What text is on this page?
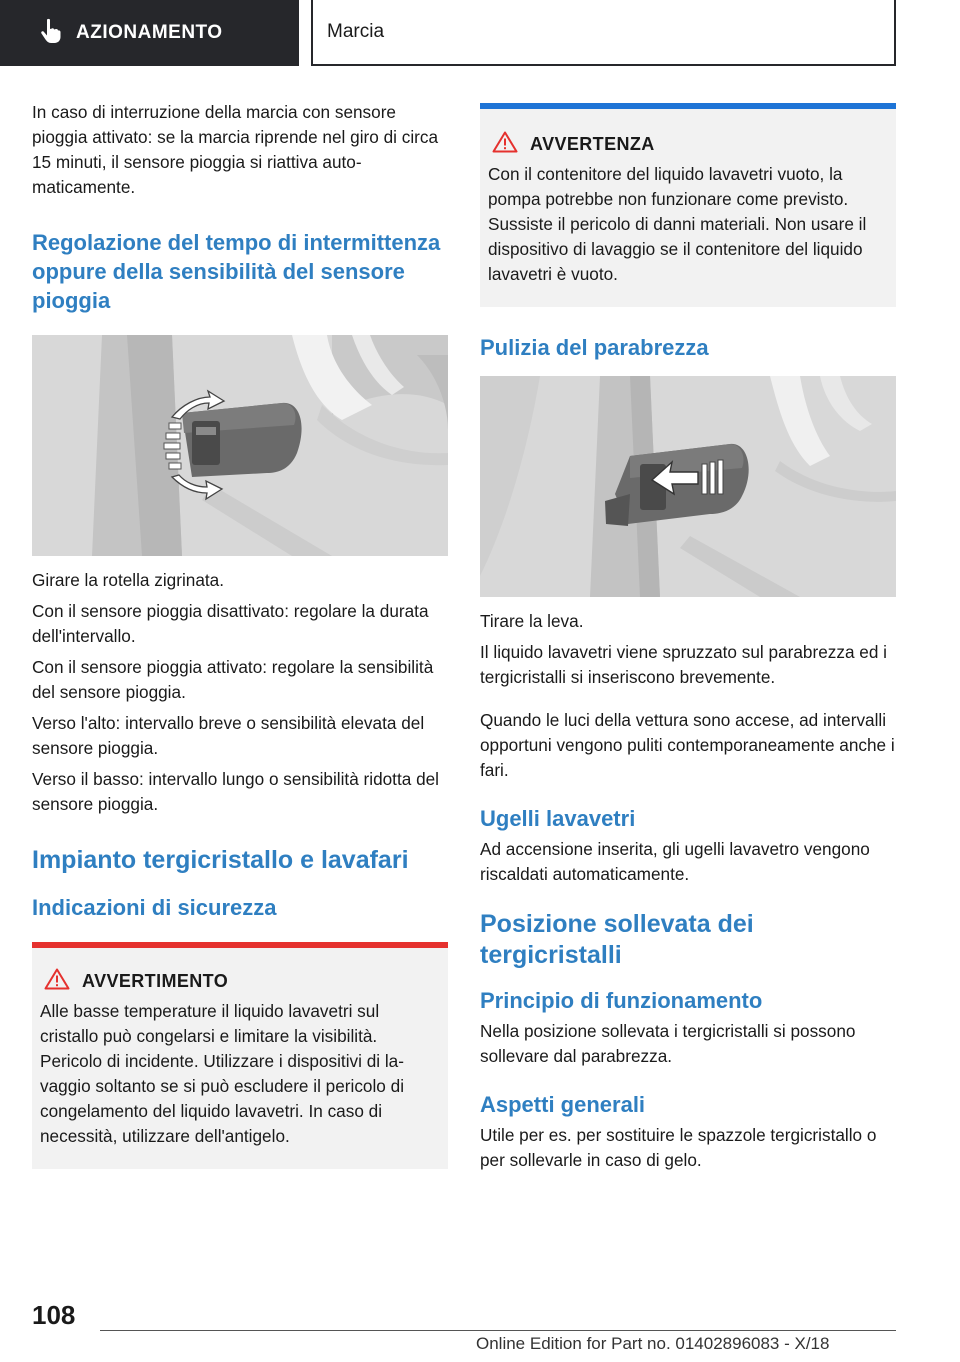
AZIONAMENTO	Marcia

In caso di interruzione della marcia con sensore pioggia attivato: se la marcia riprende nel giro di circa 15 minuti, il sensore pioggia si riattiva automaticamente.

Regolazione del tempo di intermittenza oppure della sensibilità del sensore pioggia

Girare la rotella zigrinata.

Con il sensore pioggia disattivato: regolare la durata dell'intervallo.

Con il sensore pioggia attivato: regolare la sensibilità del sensore pioggia.

Verso l'alto: intervallo breve o sensibilità elevata del sensore pioggia.

Verso il basso: intervallo lungo o sensibilità ridotta del sensore pioggia.

Impianto tergicristallo e lavafari
Indicazioni di sicurezza
AVVERTIMENTO

Alle basse temperature il liquido lavavetri sul cristallo può congelarsi e limitare la visibilità. Pericolo di incidente. Utilizzare i dispositivi di lavaggio soltanto se si può escludere il pericolo di congelamento del liquido lavavetri. In caso di necessità, utilizzare dell'antigelo.

AVVERTENZA

Con il contenitore del liquido lavavetri vuoto, la pompa potrebbe non funzionare come previsto. Sussiste il pericolo di danni materiali. Non usare il dispositivo di lavaggio se il contenitore del liquido lavavetri è vuoto.

Pulizia del parabrezza

Tirare la leva.

Il liquido lavavetri viene spruzzato sul parabrezza ed i tergicristalli si inseriscono brevemente.

Quando le luci della vettura sono accese, ad intervalli opportuni vengono puliti contemporaneamente anche i fari.

Ugelli lavavetri

Ad accensione inserita, gli ugelli lavavetro vengono riscaldati automaticamente.

Posizione sollevata dei tergicristalli
Principio di funzionamento

Nella posizione sollevata i tergicristalli si possono sollevare dal parabrezza.

Aspetti generali

Utile per es. per sostituire le spazzole tergicristallo o per sollevarle in caso di gelo.

108
Online Edition for Part no. 01402896083 - X/18
